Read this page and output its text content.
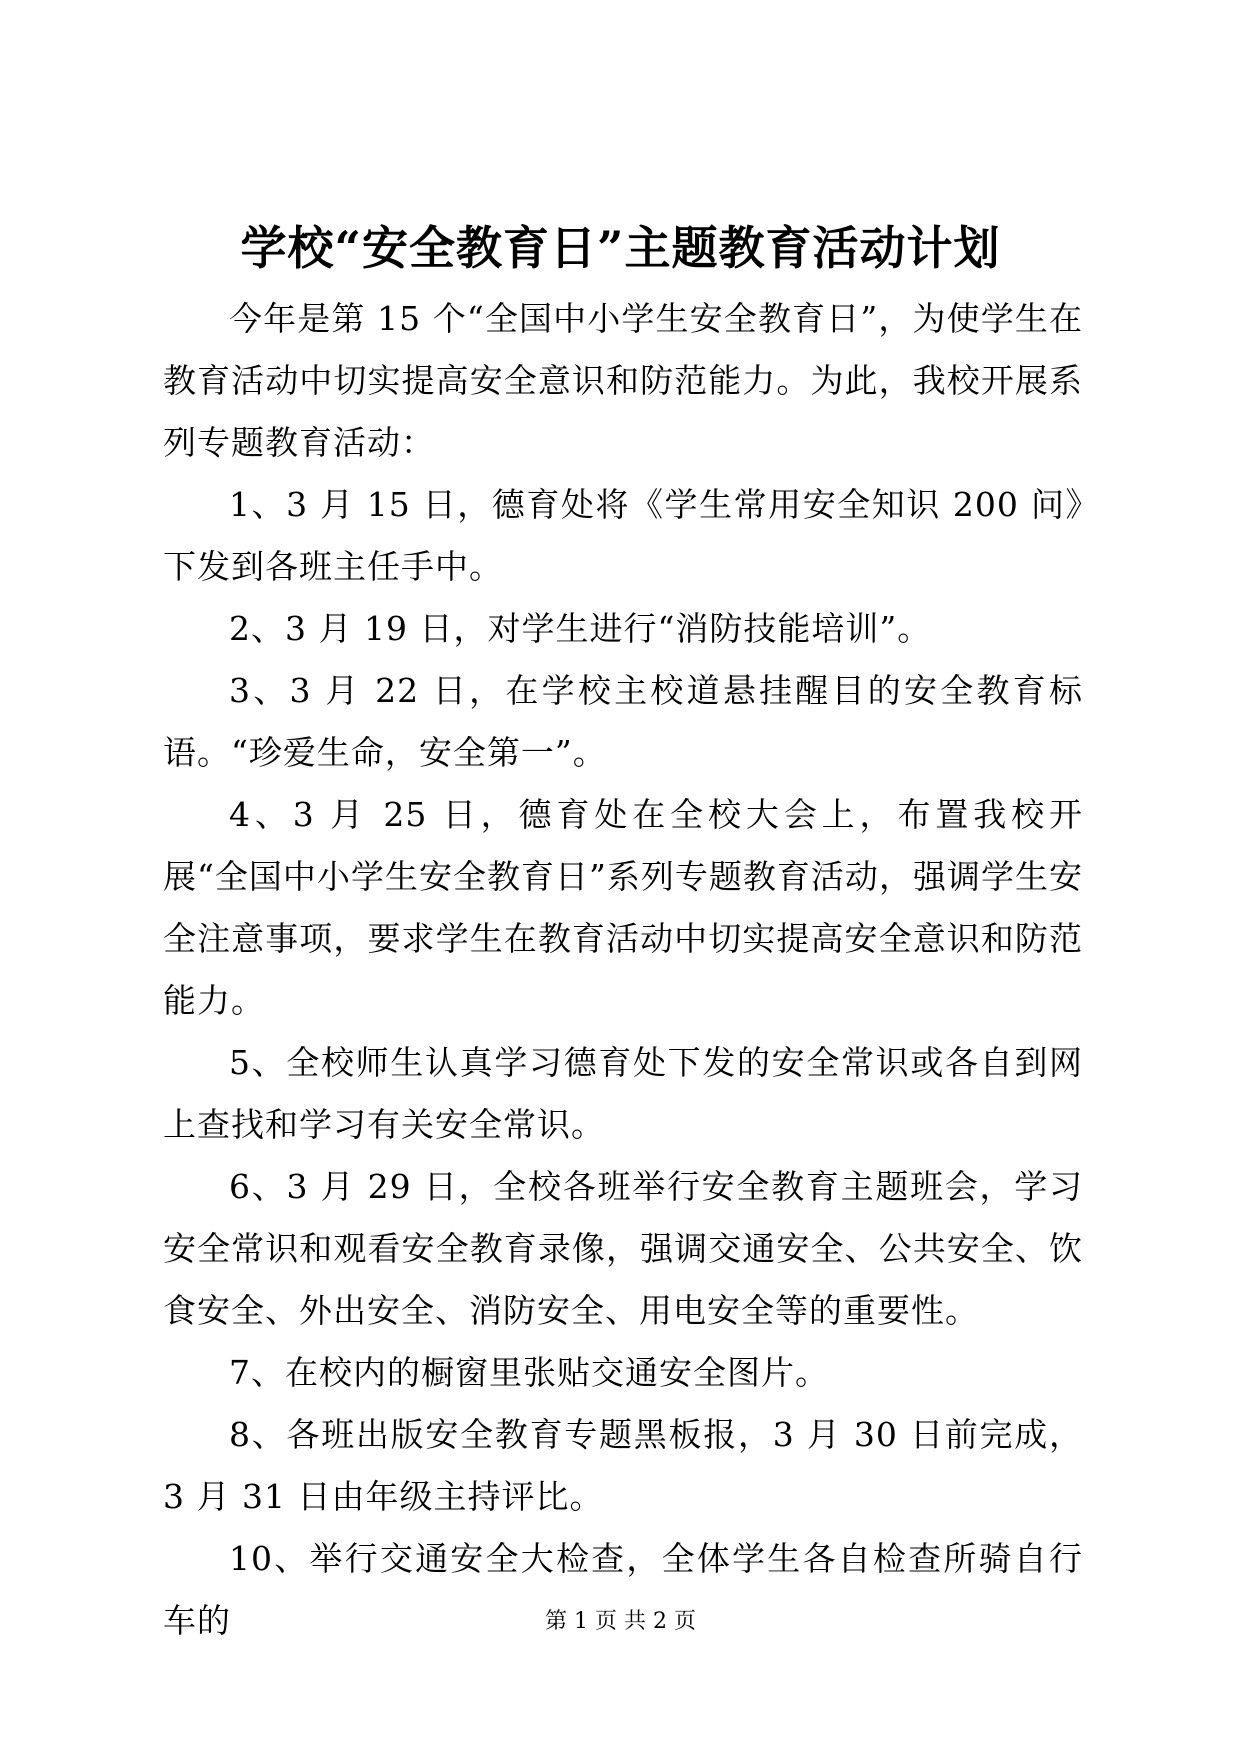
学校“安全教育日”主题教育活动计划

今年是第 15 个“全国中小学生安全教育日”，为使学生在教育活动中切实提高安全意识和防范能力。为此，我校开展系列专题教育活动：

1、3 月 15 日，德育处将《学生常用安全知识 200 问》下发到各班主任手中。

2、3 月 19 日，对学生进行“消防技能培训”。

3、3 月 22 日，在学校主校道悬挂醒目的安全教育标语。“珍爱生命，安全第一”。

4、3 月 25 日，德育处在全校大会上，布置我校开展“全国中小学生安全教育日”系列专题教育活动，强调学生安全注意事项，要求学生在教育活动中切实提高安全意识和防范能力。

5、全校师生认真学习德育处下发的安全常识或各自到网上查找和学习有关安全常识。

6、3 月 29 日，全校各班举行安全教育主题班会，学习安全常识和观看安全教育录像，强调交通安全、公共安全、饮食安全、外出安全、消防安全、用电安全等的重要性。

7、在校内的橱窗里张贴交通安全图片。

8、各班出版安全教育专题黑板报，3 月 30 日前完成，3 月 31 日由年级主持评比。

10、举行交通安全大检查，全体学生各自检查所骑自行车的	第 1 页 共 2 页
